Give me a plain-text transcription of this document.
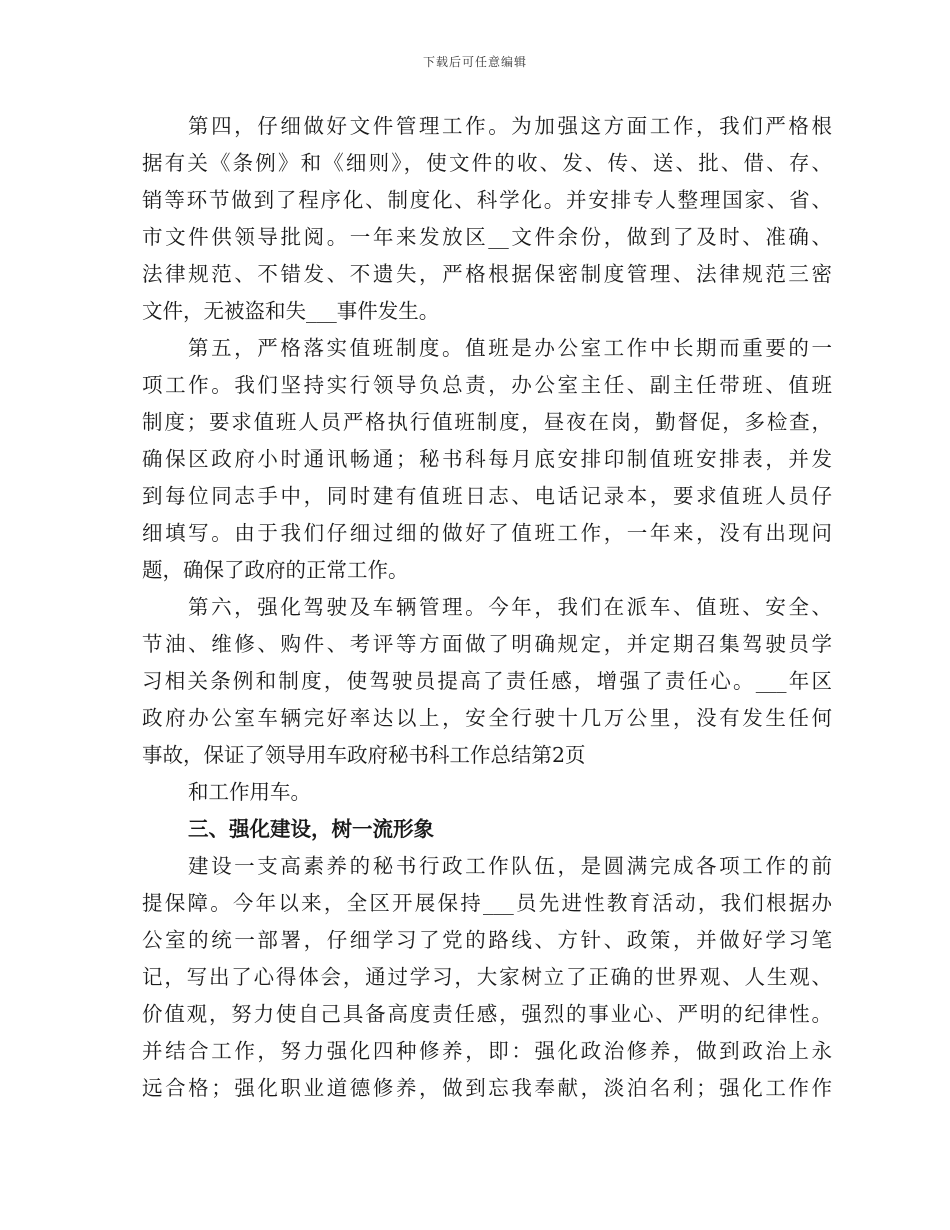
下载后可任意编辑
第四，仔细做好文件管理工作。为加强这方面工作，我们严格根
据有关《条例》和《细则》，使文件的收、发、传、送、批、借、存、
销等环节做到了程序化、制度化、科学化。并安排专人整理国家、省、
市文件供领导批阅。一年来发放区__文件余份，做到了及时、准确、
法律规范、不错发、不遗失，严格根据保密制度管理、法律规范三密
文件，无被盗和失___事件发生。
第五，严格落实值班制度。值班是办公室工作中长期而重要的一
项工作。我们坚持实行领导负总责，办公室主任、副主任带班、值班
制度；要求值班人员严格执行值班制度，昼夜在岗，勤督促，多检查，
确保区政府小时通讯畅通；秘书科每月底安排印制值班安排表，并发
到每位同志手中，同时建有值班日志、电话记录本，要求值班人员仔
细填写。由于我们仔细过细的做好了值班工作，一年来，没有出现问
题，确保了政府的正常工作。
第六，强化驾驶及车辆管理。今年，我们在派车、值班、安全、
节油、维修、购件、考评等方面做了明确规定，并定期召集驾驶员学
习相关条例和制度，使驾驶员提高了责任感，增强了责任心。___年区
政府办公室车辆完好率达以上，安全行驶十几万公里，没有发生任何
事故，保证了领导用车政府秘书科工作总结第2页
和工作用车。
三、强化建设，树一流形象
建设一支高素养的秘书行政工作队伍，是圆满完成各项工作的前
提保障。今年以来，全区开展保持___员先进性教育活动，我们根据办
公室的统一部署，仔细学习了党的路线、方针、政策，并做好学习笔
记，写出了心得体会，通过学习，大家树立了正确的世界观、人生观、
价值观，努力使自己具备高度责任感，强烈的事业心、严明的纪律性。
并结合工作，努力强化四种修养，即：强化政治修养，做到政治上永
远合格；强化职业道德修养，做到忘我奉献，淡泊名利；强化工作作
